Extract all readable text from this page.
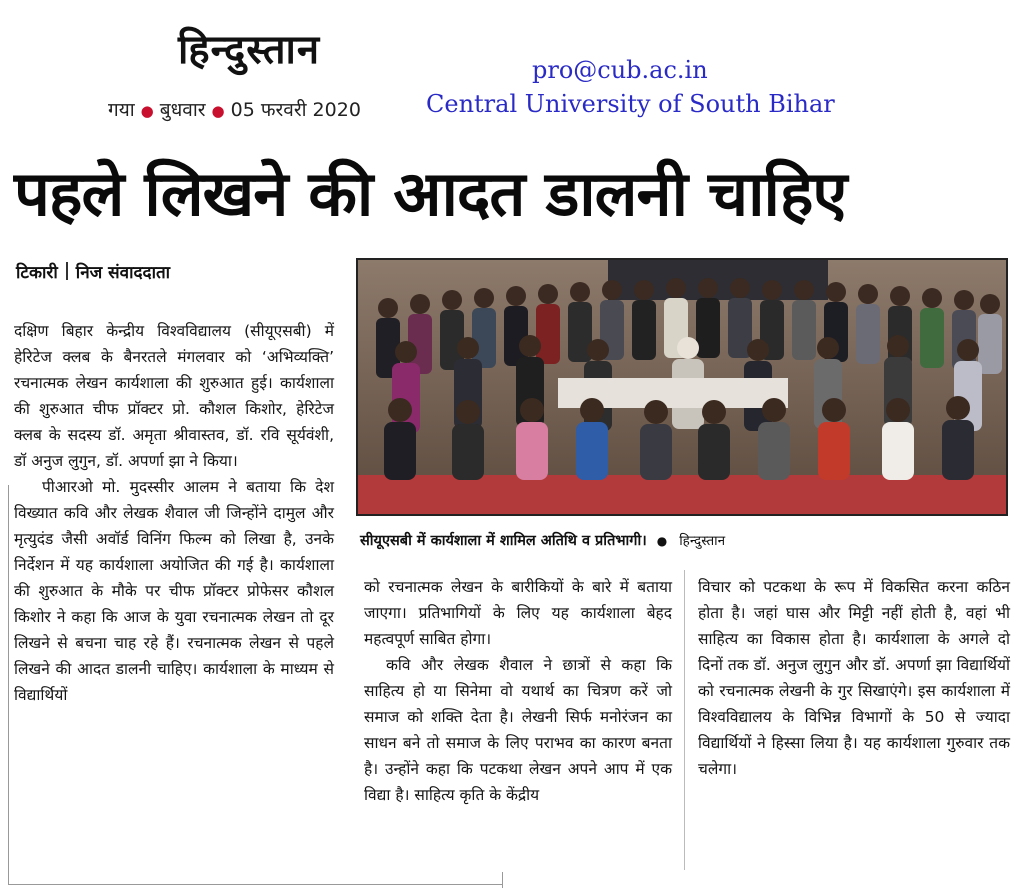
हिन्दुस्तान
गया ● बुधवार ● 05 फरवरी 2020
pro@cub.ac.in
Central University of South Bihar
पहले लिखने की आदत डालनी चाहिए
टिकारी निज संवाददाता

दक्षिण बिहार केन्द्रीय विश्वविद्यालय (सीयूएसबी) में हेरिटेज क्लब के बैनरतले मंगलवार को ‘अभिव्यक्ति’ रचनात्मक लेखन कार्यशाला की शुरुआत हुई। कार्यशाला की शुरुआत चीफ प्रॉक्टर प्रो. कौशल किशोर, हेरिटेज क्लब के सदस्य डॉ. अमृता श्रीवास्तव, डॉ. रवि सूर्यवंशी, डॉ अनुज लुगुन, डॉ. अपर्णा झा ने किया।

पीआरओ मो. मुदस्सीर आलम ने बताया कि देश विख्यात कवि और लेखक शैवाल जी जिन्होंने दामुल और मृत्युदंड जैसी अवॉर्ड विनिंग फिल्म को लिखा है, उनके निर्देशन में यह कार्यशाला अयोजित की गई है। कार्यशाला की शुरुआत के मौके पर चीफ प्रॉक्टर प्रोफेसर कौशल किशोर ने कहा कि आज के युवा रचनात्मक लेखन तो दूर लिखने से बचना चाह रहे हैं। रचनात्मक लेखन से पहले लिखने की आदत डालनी चाहिए। कार्यशाला के माध्यम से विद्यार्थियों

सीयूएसबी में कार्यशाला में शामिल अतिथि व प्रतिभागी। ● हिन्दुस्तान

को रचनात्मक लेखन के बारीकियों के बारे में बताया जाएगा। प्रतिभागियों के लिए यह कार्यशाला बेहद महत्वपूर्ण साबित होगा।

कवि और लेखक शैवाल ने छात्रों से कहा कि साहित्य हो या सिनेमा वो यथार्थ का चित्रण करें जो समाज को शक्ति देता है। लेखनी सिर्फ मनोरंजन का साधन बने तो समाज के लिए पराभव का कारण बनता है। उन्होंने कहा कि पटकथा लेखन अपने आप में एक विद्या है। साहित्य कृति के केंद्रीय

विचार को पटकथा के रूप में विकसित करना कठिन होता है। जहां घास और मिट्टी नहीं होती है, वहां भी साहित्य का विकास होता है। कार्यशाला के अगले दो दिनों तक डॉ. अनुज लुगुन और डॉ. अपर्णा झा विद्यार्थियों को रचनात्मक लेखनी के गुर सिखाएंगे। इस कार्यशाला में विश्वविद्यालय के विभिन्न विभागों के 50 से ज्यादा विद्यार्थियों ने हिस्सा लिया है। यह कार्यशाला गुरुवार तक चलेगा।
